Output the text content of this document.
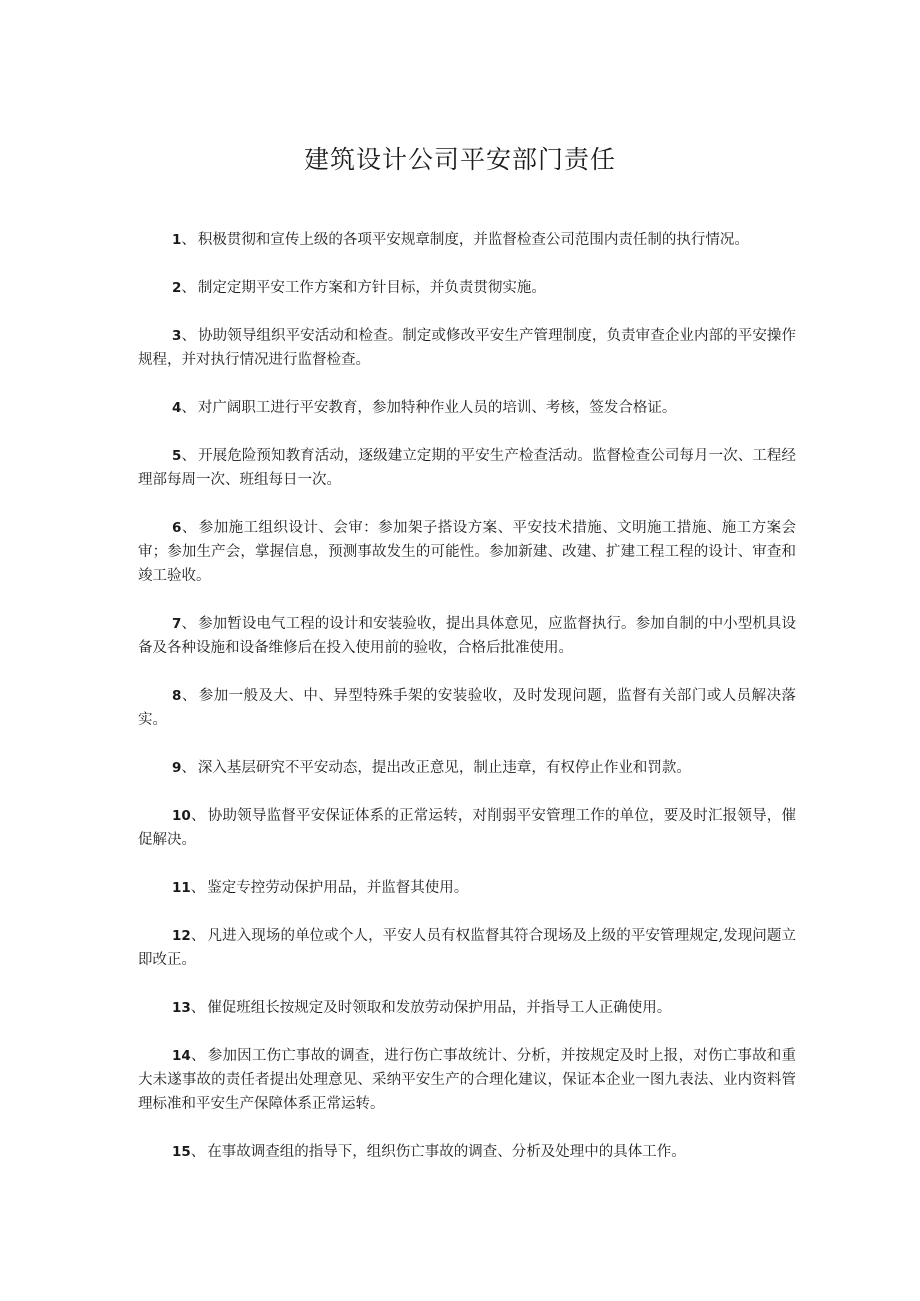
建筑设计公司平安部门责任
1、 积极贯彻和宣传上级的各项平安规章制度，并监督检查公司范围内责任制的执行情况。
2、 制定定期平安工作方案和方针目标，并负责贯彻实施。
3、 协助领导组织平安活动和检查。制定或修改平安生产管理制度，负责审查企业内部的平安操作规程，并对执行情况进行监督检查。
4、 对广阔职工进行平安教育，参加特种作业人员的培训、考核，签发合格证。
5、 开展危险预知教育活动，逐级建立定期的平安生产检查活动。监督检查公司每月一次、工程经理部每周一次、班组每日一次。
6、 参加施工组织设计、会审：参加架子搭设方案、平安技术措施、文明施工措施、施工方案会审；参加生产会，掌握信息，预测事故发生的可能性。参加新建、改建、扩建工程工程的设计、审查和竣工验收。
7、 参加暂设电气工程的设计和安装验收，提出具体意见，应监督执行。参加自制的中小型机具设备及各种设施和设备维修后在投入使用前的验收，合格后批准使用。
8、 参加一般及大、中、异型特殊手架的安装验收，及时发现问题，监督有关部门或人员解决落实。
9、 深入基层研究不平安动态，提出改正意见，制止违章，有权停止作业和罚款。
10、 协助领导监督平安保证体系的正常运转，对削弱平安管理工作的单位，要及时汇报领导，催促解决。
11、 鉴定专控劳动保护用品，并监督其使用。
12、 凡进入现场的单位或个人，平安人员有权监督其符合现场及上级的平安管理规定,发现问题立即改正。
13、 催促班组长按规定及时领取和发放劳动保护用品，并指导工人正确使用。
14、 参加因工伤亡事故的调查，进行伤亡事故统计、分析，并按规定及时上报，对伤亡事故和重大未遂事故的责任者提出处理意见、采纳平安生产的合理化建议，保证本企业一图九表法、业内资料管理标准和平安生产保障体系正常运转。
15、 在事故调查组的指导下，组织伤亡事故的调查、分析及处理中的具体工作。
